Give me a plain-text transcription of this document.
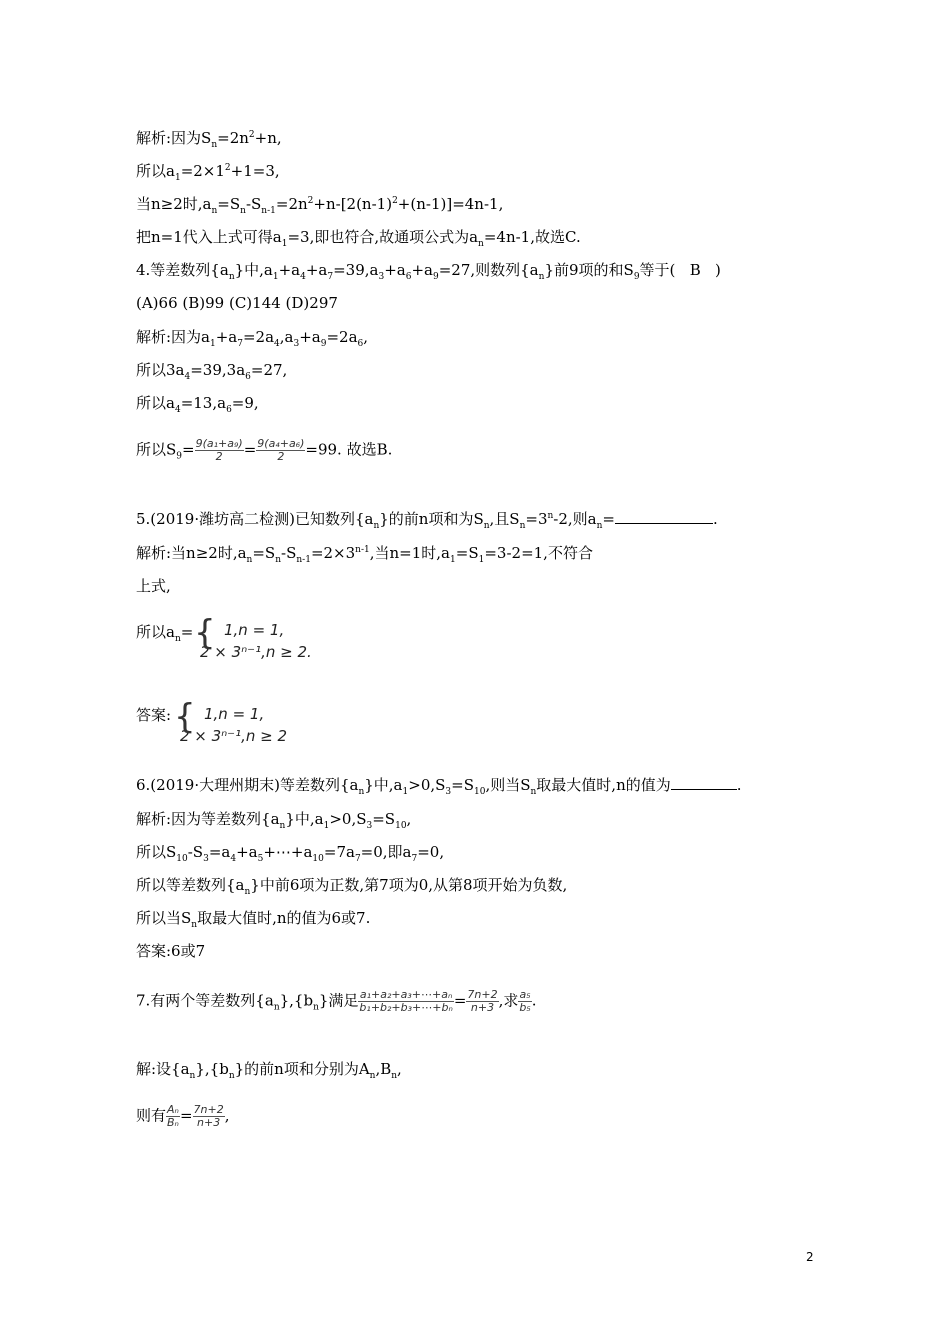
解析:因为$S_n=2n^2+n$,
所以$a_1=2\times 1^2+1=3$,
当n≥2时$,a_n=S_n-S_{n-1}=2n^2+n-[2(n-1)^2+(n-1)]=4n-1$,
把n=1代入上式可得$a_1=3$,即也符合,故通项公式为$a_n=4n-1$,故选C.
4.等差数列$\{a_n\}$中$,a_1+a_4+a_7=39,a_3+a_6+a_9=27$,则数列$\{a_n\}$前9项的和$S_9$等于(   B   )
(A)66 (B)99 (C)144 (D)297
解析:因为$a_1+a_7=2a_4,a_3+a_9=2a_6$,
所以$3a_4=39,3a_6=27$,
所以$a_4=13,a_6=9$,
所以$S_9= \frac{\text{9(a₁+a₉)}}{2} = \frac{\text{9(a₄+a₆)}}{2} =99$. 故选B.
5.(2019·潍坊高二检测)已知数列$\{a_n\}$的前n项和为$S_n$,且$S_n=3^n-2$,则$a_n=$	.
解析:当n≥2时$,a_n=S_n-S_{n-1}=2\times 3^{n-1}$,当n=1时$,a_1=S_1=3-2=1$,不符合
上式,
所以$a_n=$ { 1,n = 1,
2 × 3ⁿ⁻¹,n ≥ 2.
答案: { 1,n = 1,
2 × 3ⁿ⁻¹,n ≥ 2
6.(2019·大理州期末)等差数列$\{a_n\}$中$,a_1>0,S_3=S_{10}$,则当$S_n$取最大值时,n的值为	.
解析:因为等差数列$\{a_n\}$中$,a_1>0,S_3=S_{10}$,
所以$S_{10}-S_3=a_4+a_5+\cdots+a_{10}=7a_7=0$,即$a_7=0$,
所以等差数列$\{a_n\}$中前6项为正数,第7项为0,从第8项开始为负数,
所以当$S_n$取最大值时,n的值为6或7.
答案:6或7
7.有两个等差数列$\{a_n\},\{b_n\}$满足 $\frac{\text{a₁+a₂+a₃+⋯+aₙ}}{\text{b₁+b₂+b₃+⋯+bₙ}} = \frac{7n+2}{n+3}$ ,求 $\frac{\text{a₅}}{\text{b₅}}$ .
解:设$\{a_n\},\{b_n\}$的前n项和分别为$A_n,B_n$,
则有 $\frac{\text{Aₙ}}{\text{Bₙ}} = \frac{7n+2}{n+3}$ ,
2
